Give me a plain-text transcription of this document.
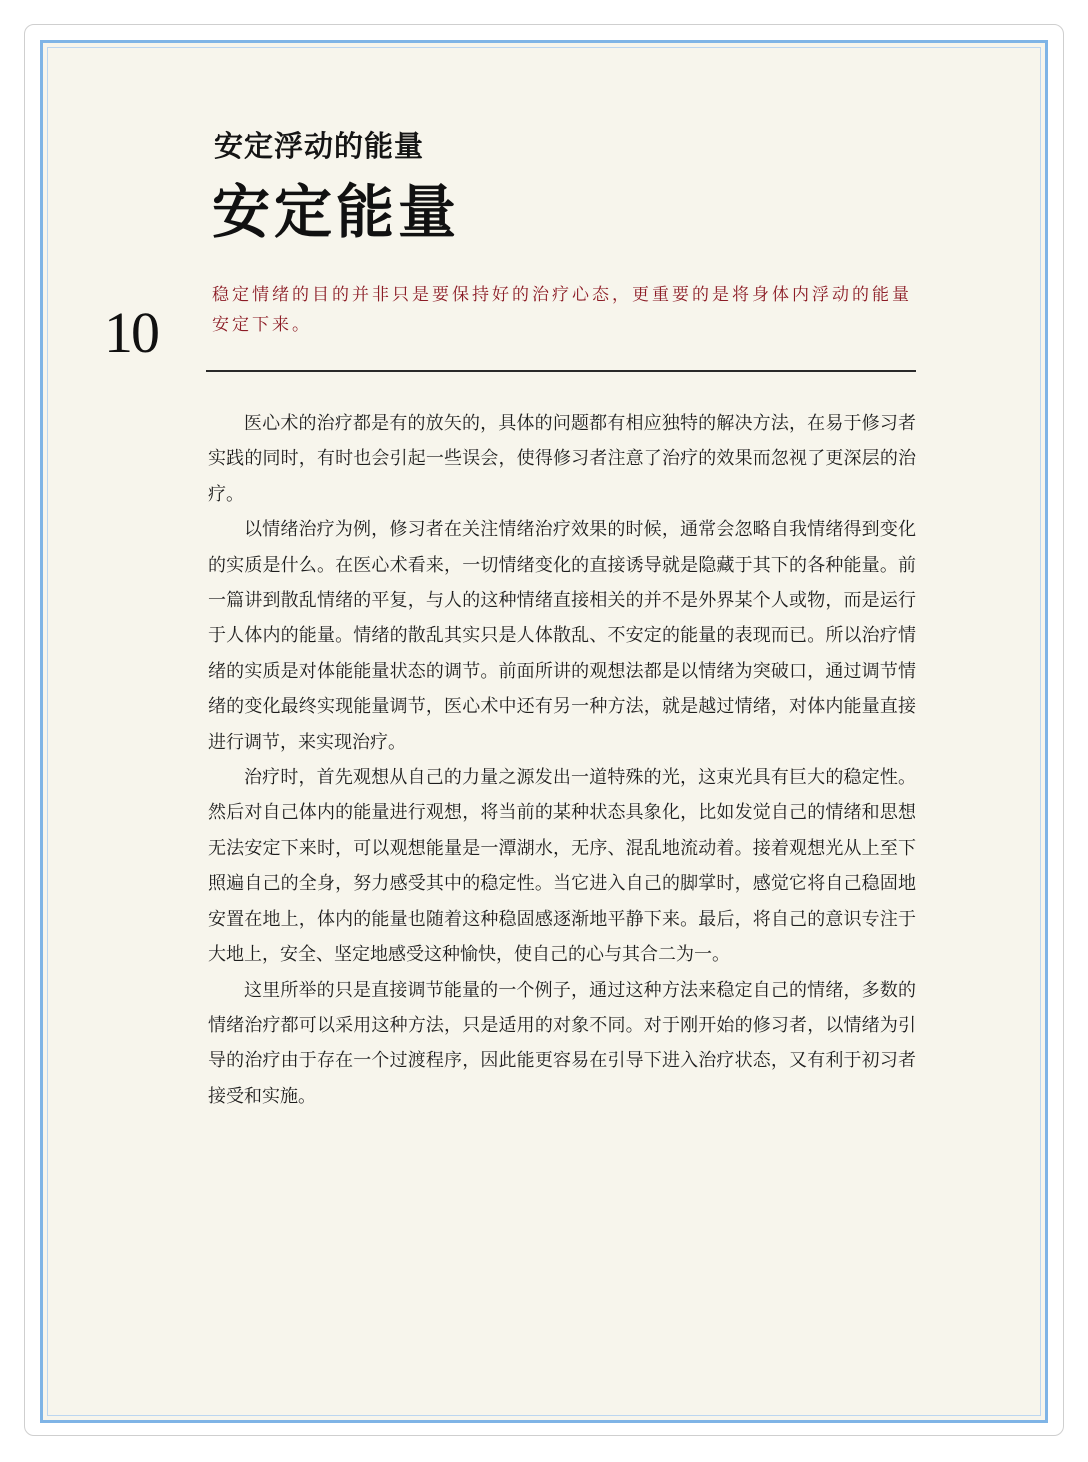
10
安定浮动的能量
安定能量

稳定情绪的目的并非只是要保持好的治疗心态，更重要的是将身体内浮动的能量安定下来。

医心术的治疗都是有的放矢的，具体的问题都有相应独特的解决方法，在易于修习者实践的同时，有时也会引起一些误会，使得修习者注意了治疗的效果而忽视了更深层的治疗。

以情绪治疗为例，修习者在关注情绪治疗效果的时候，通常会忽略自我情绪得到变化的实质是什么。在医心术看来，一切情绪变化的直接诱导就是隐藏于其下的各种能量。前一篇讲到散乱情绪的平复，与人的这种情绪直接相关的并不是外界某个人或物，而是运行于人体内的能量。情绪的散乱其实只是人体散乱、不安定的能量的表现而已。所以治疗情绪的实质是对体能能量状态的调节。前面所讲的观想法都是以情绪为突破口，通过调节情绪的变化最终实现能量调节，医心术中还有另一种方法，就是越过情绪，对体内能量直接进行调节，来实现治疗。

治疗时，首先观想从自己的力量之源发出一道特殊的光，这束光具有巨大的稳定性。然后对自己体内的能量进行观想，将当前的某种状态具象化，比如发觉自己的情绪和思想无法安定下来时，可以观想能量是一潭湖水，无序、混乱地流动着。接着观想光从上至下照遍自己的全身，努力感受其中的稳定性。当它进入自己的脚掌时，感觉它将自己稳固地安置在地上，体内的能量也随着这种稳固感逐渐地平静下来。最后，将自己的意识专注于大地上，安全、坚定地感受这种愉快，使自己的心与其合二为一。

这里所举的只是直接调节能量的一个例子，通过这种方法来稳定自己的情绪，多数的情绪治疗都可以采用这种方法，只是适用的对象不同。对于刚开始的修习者，以情绪为引导的治疗由于存在一个过渡程序，因此能更容易在引导下进入治疗状态，又有利于初习者接受和实施。
